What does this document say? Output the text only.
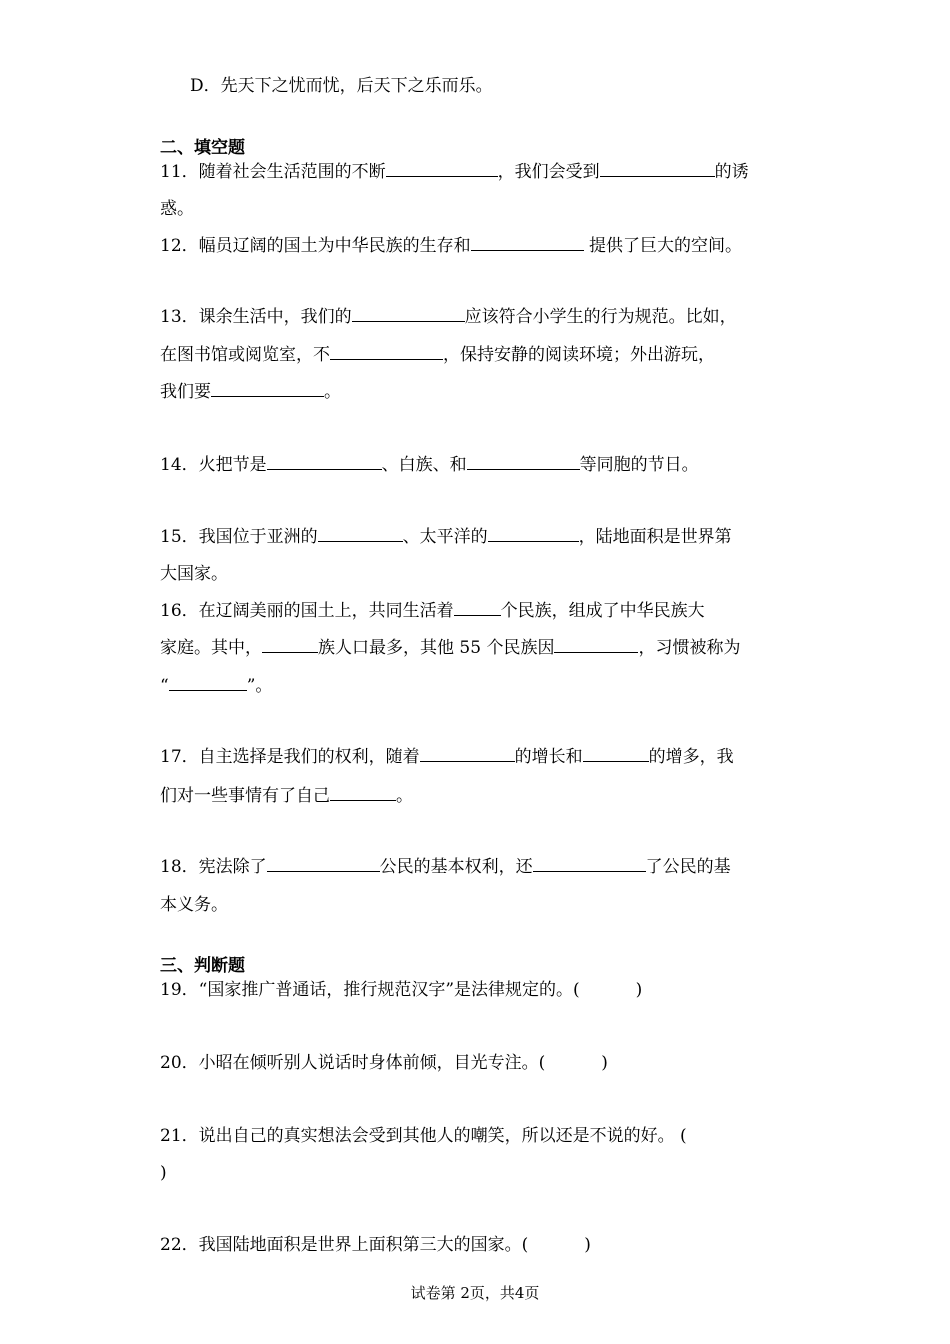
D．先天下之忧而忧，后天下之乐而乐。
二、填空题
11．随着社会生活范围的不断	，我们会受到	的诱
惑。
12．幅员辽阔的国土为中华民族的生存和	提供了巨大的空间。
13．课余生活中，我们的	应该符合小学生的行为规范。比如，
在图书馆或阅览室，不	，保持安静的阅读环境；外出游玩，
我们要	。
14．火把节是	、白族、和	等同胞的节日。
15．我国位于亚洲的	、太平洋的	，陆地面积是世界第
大国家。
16．在辽阔美丽的国土上，共同生活着	个民族，组成了中华民族大
家庭。其中，	族人口最多，其他 55 个民族因	，习惯被称为
“	”。
17．自主选择是我们的权利，随着	的增长和	的增多，我
们对一些事情有了自己	。
18．宪法除了	公民的基本权利，还	了公民的基
本义务。
三、判断题
19．“国家推广普通话，推行规范汉字”是法律规定的。(	)
20．小昭在倾听别人说话时身体前倾，目光专注。(	)
21．说出自己的真实想法会受到其他人的嘲笑，所以还是不说的好。 (
)
22．我国陆地面积是世界上面积第三大的国家。(	)
试卷第 2页，共4页
